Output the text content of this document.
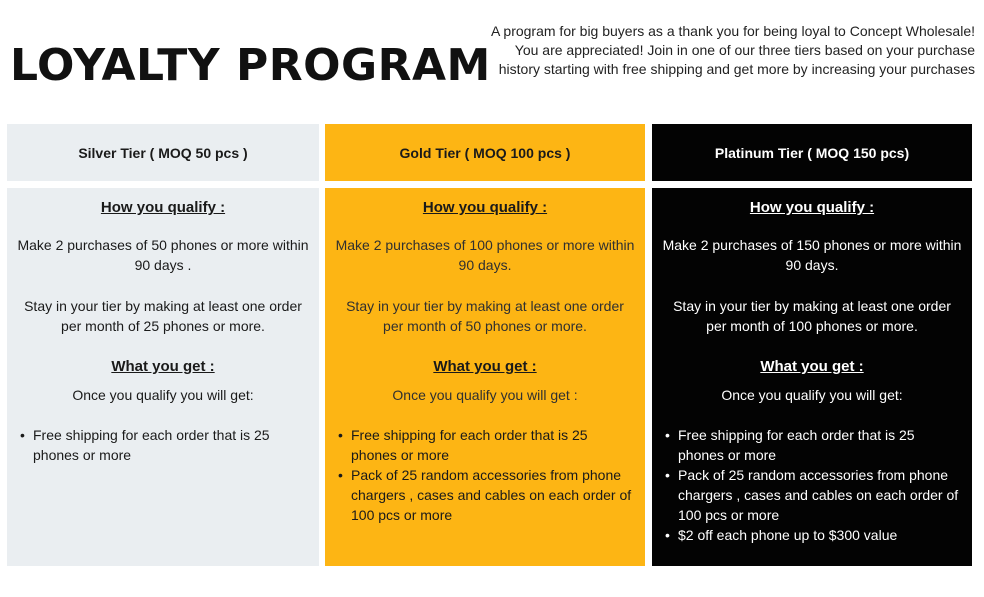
LOYALTY PROGRAM
A program for big buyers as a thank you for being loyal to Concept Wholesale! You are appreciated! Join in one of our three tiers based on your purchase history starting with free shipping and get more by increasing your purchases
Silver Tier ( MOQ 50 pcs )	Gold Tier ( MOQ 100 pcs )	Platinum Tier ( MOQ 150 pcs)
How you qualify :
Make 2 purchases of 50 phones or more within 90 days .
Stay in your tier by making at least one order per month of 25 phones or more.
What you get :
Once you qualify you will get:
• Free shipping for each order that is 25 phones or more
How you qualify :
Make 2 purchases of 100 phones or more within 90 days.
Stay in your tier by making at least one order per month of 50 phones or more.
What you get :
Once you qualify you will get :
• Free shipping for each order that is 25 phones or more
• Pack of 25 random accessories from phone chargers , cases and cables on each order of 100 pcs or more
How you qualify :
Make 2 purchases of 150 phones or more within 90 days.
Stay in your tier by making at least one order per month of 100 phones or more.
What you get :
Once you qualify you will get:
• Free shipping for each order that is 25 phones or more
• Pack of 25 random accessories from phone chargers , cases and cables on each order of 100 pcs or more
• $2 off each phone up to $300 value
